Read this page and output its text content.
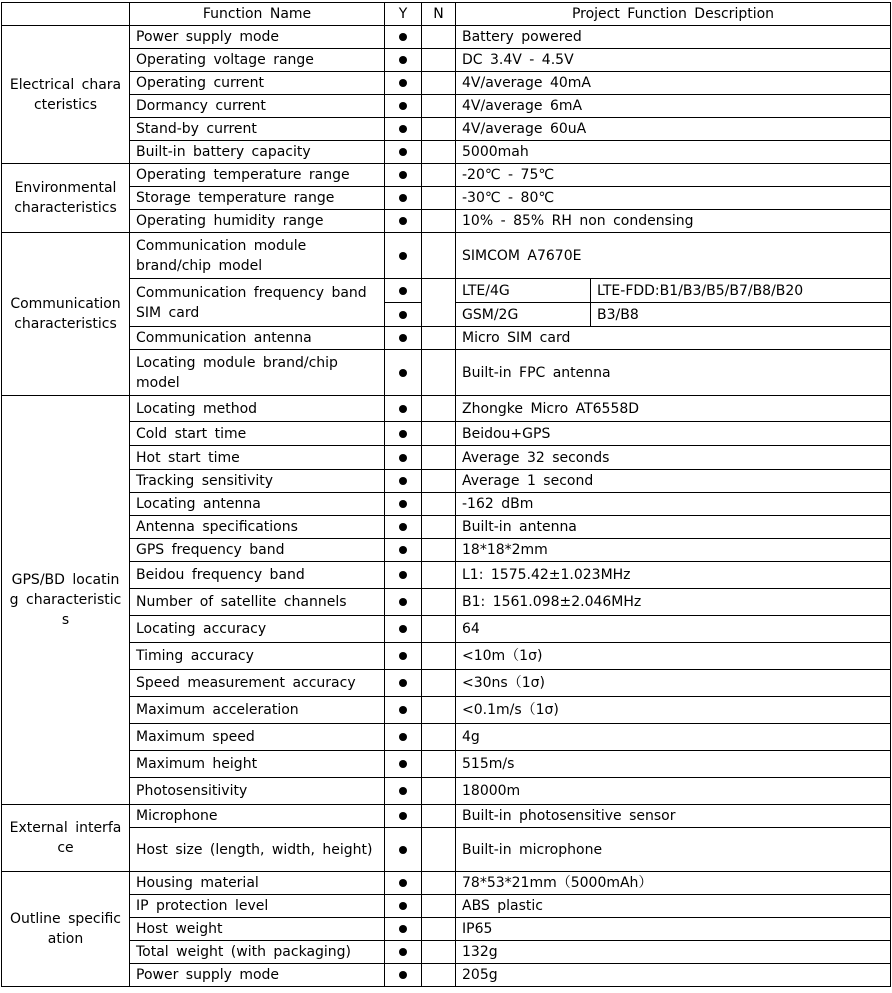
	Function Name	Y	N	Project Function Description	
Electrical characteristics	Power supply mode			Battery powered	
	Operating voltage range			DC 3.4V - 4.5V	
	Operating current			4V/average 40mA	
	Dormancy current			4V/average 6mA	
	Stand-by current			4V/average 60uA	
	Built-in battery capacity			5000mah	
Environmental characteristics	Operating temperature range			-20℃ - 75℃	
	Storage temperature range			-30℃ - 80℃	
	Operating humidity range			10% - 85% RH non condensing	
Communication characteristics	Communication module brand/chip model			SIMCOM A7670E	
	Communication frequency band SIM card			LTE/4G	LTE-FDD:B1/B3/B5/B7/B8/B20
				GSM/2G	B3/B8
	Communication antenna			Micro SIM card	
	Locating module brand/chip model			Built-in FPC antenna	
GPS/BD locating characteristics	Locating method			Zhongke Micro AT6558D	
	Cold start time			Beidou+GPS	
	Hot start time			Average 32 seconds	
	Tracking sensitivity			Average 1 second	
	Locating antenna			-162 dBm	
	Antenna specifications			Built-in antenna	
	GPS frequency band			18*18*2mm	
	Beidou frequency band			L1: 1575.42±1.023MHz	
	Number of satellite channels			B1: 1561.098±2.046MHz	
	Locating accuracy			64	
	Timing accuracy			<10m（1σ)	
	Speed measurement accuracy			<30ns（1σ)	
	Maximum acceleration			<0.1m/s（1σ)	
	Maximum speed			4g	
	Maximum height			515m/s	
	Photosensitivity			18000m	
External interface	Microphone			Built-in photosensitive sensor	
	Host size (length, width, height)			Built-in microphone	
Outline specification	Housing material			78*53*21mm（5000mAh）	
	IP protection level			ABS plastic	
	Host weight			IP65	
	Total weight (with packaging)			132g	
	Power supply mode			205g	
